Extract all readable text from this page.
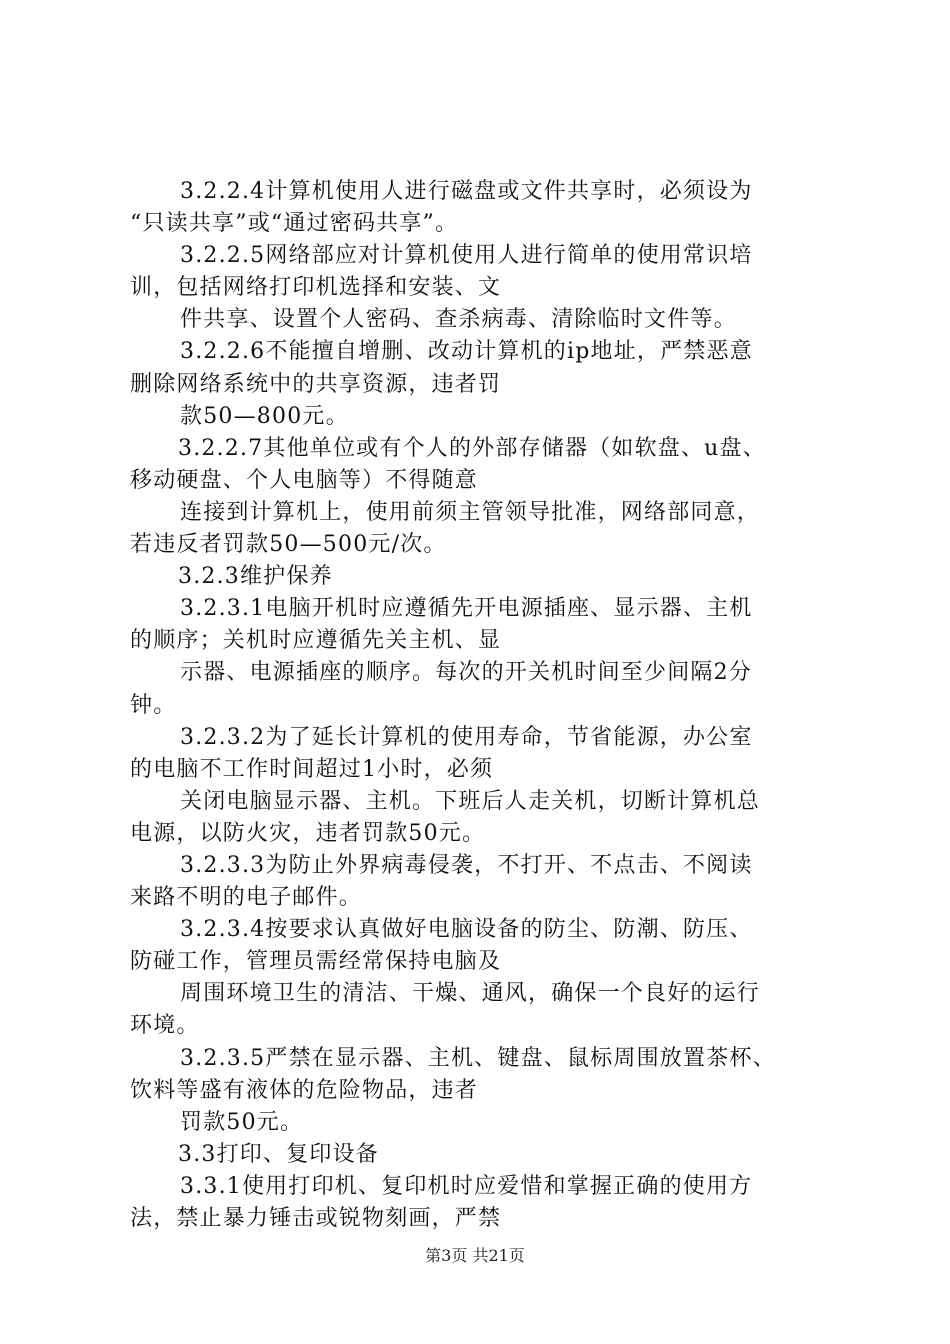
3.2.2.4计算机使用人进行磁盘或文件共享时，必须设为
“只读共享”或“通过密码共享”。
3.2.2.5网络部应对计算机使用人进行简单的使用常识培
训，包括网络打印机选择和安装、文
件共享、设置个人密码、查杀病毒、清除临时文件等。
3.2.2.6不能擅自增删、改动计算机的ip地址，严禁恶意
删除网络系统中的共享资源，违者罚
款50—800元。
3.2.2.7其他单位或有个人的外部存储器（如软盘、u盘、
移动硬盘、个人电脑等）不得随意
连接到计算机上，使用前须主管领导批准，网络部同意，
若违反者罚款50—500元/次。
3.2.3维护保养
3.2.3.1电脑开机时应遵循先开电源插座、显示器、主机
的顺序；关机时应遵循先关主机、显
示器、电源插座的顺序。每次的开关机时间至少间隔2分
钟。
3.2.3.2为了延长计算机的使用寿命，节省能源，办公室
的电脑不工作时间超过1小时，必须
关闭电脑显示器、主机。下班后人走关机，切断计算机总
电源，以防火灾，违者罚款50元。
3.2.3.3为防止外界病毒侵袭，不打开、不点击、不阅读
来路不明的电子邮件。
3.2.3.4按要求认真做好电脑设备的防尘、防潮、防压、
防碰工作，管理员需经常保持电脑及
周围环境卫生的清洁、干燥、通风，确保一个良好的运行
环境。
3.2.3.5严禁在显示器、主机、键盘、鼠标周围放置茶杯、
饮料等盛有液体的危险物品，违者
罚款50元。
3.3打印、复印设备
3.3.1使用打印机、复印机时应爱惜和掌握正确的使用方
法，禁止暴力锤击或锐物刻画，严禁
第3页 共21页
